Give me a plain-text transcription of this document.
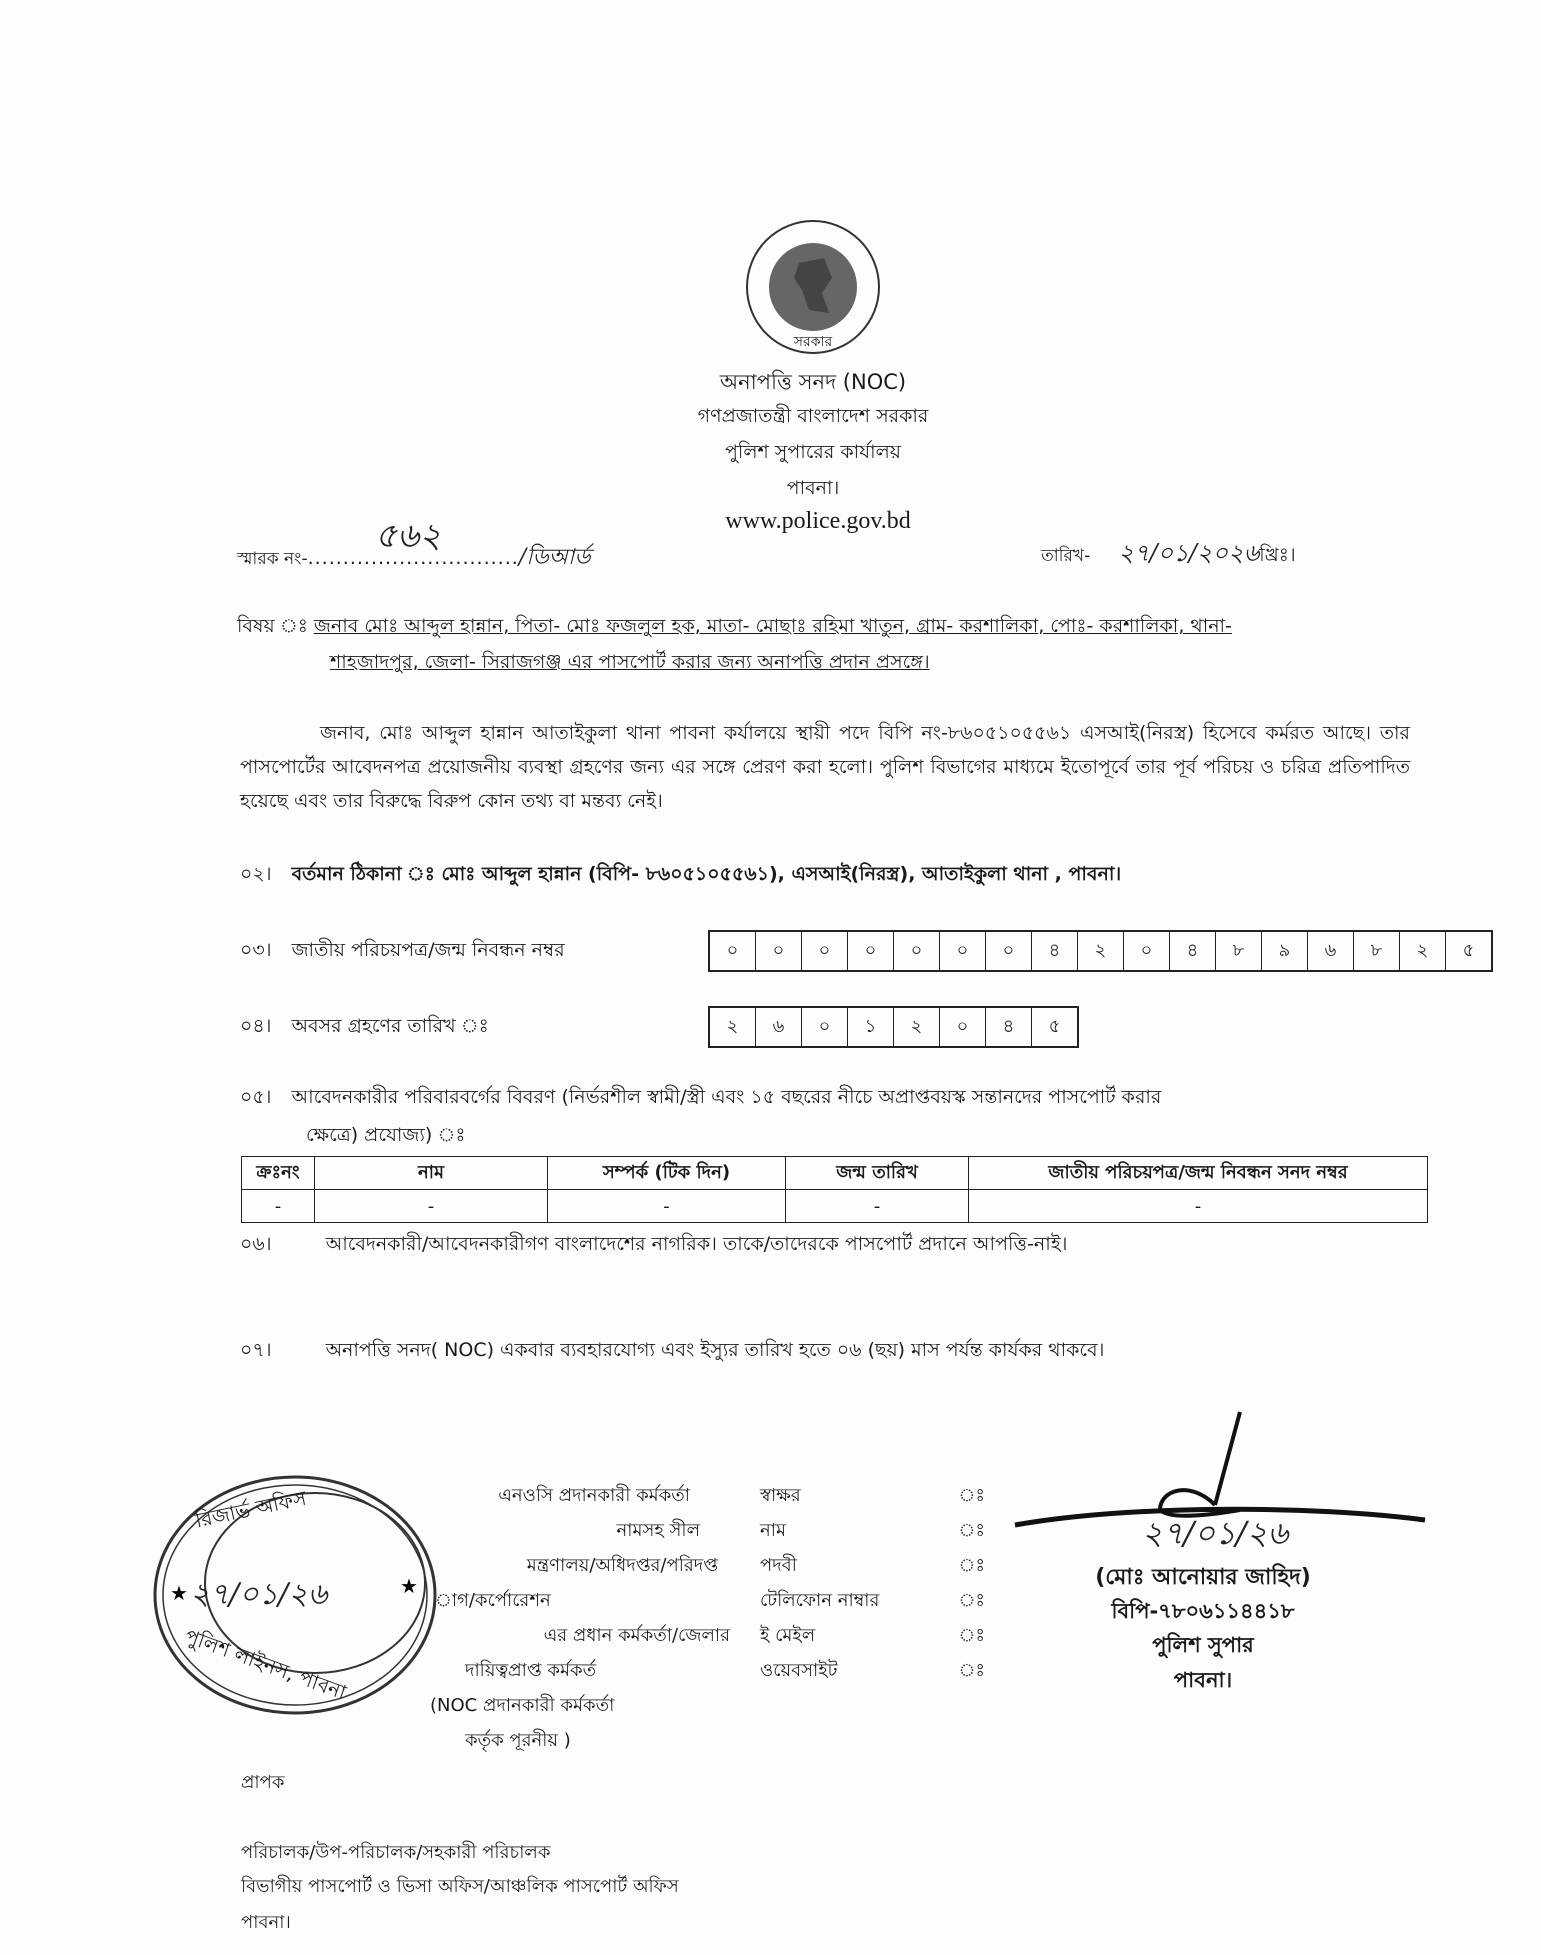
সরকার
অনাপত্তি সনদ (NOC)
গণপ্রজাতন্ত্রী বাংলাদেশ সরকার
পুলিশ সুপারের কার্যালয়
পাবনা।
www.police.gov.bd
স্মারক নং-............................../ডিআর্ড
৫৬২	তারিখ- ২৭/০১/২০২৬খ্রিঃ।
বিষয় ঃ জনাব মোঃ আব্দুল হান্নান, পিতা- মোঃ ফজলুল হক, মাতা- মোছাঃ রহিমা খাতুন, গ্রাম- করশালিকা, পোঃ- করশালিকা, থানা-
শাহজাদপুর, জেলা- সিরাজগঞ্জ এর পাসপোর্ট করার জন্য অনাপত্তি প্রদান প্রসঙ্গে।
জনাব, মোঃ আব্দুল হান্নান আতাইকুলা থানা পাবনা কর্যালয়ে স্থায়ী পদে বিপি নং-৮৬০৫১০৫৫৬১ এসআই(নিরস্ত্র) হিসেবে কর্মরত আছে। তার পাসপোর্টের আবেদনপত্র প্রয়োজনীয় ব্যবস্থা গ্রহণের জন্য এর সঙ্গে প্রেরণ করা হলো। পুলিশ বিভাগের মাধ্যমে ইতোপূর্বে তার পূর্ব পরিচয় ও চরিত্র প্রতিপাদিত হয়েছে এবং তার বিরুদ্ধে বিরুপ কোন তথ্য বা মন্তব্য নেই।
০২। বর্তমান ঠিকানা ঃ মোঃ আব্দুল হান্নান (বিপি- ৮৬০৫১০৫৫৬১), এসআই(নিরস্ত্র), আতাইকুলা থানা , পাবনা।
০৩। জাতীয় পরিচয়পত্র/জন্ম নিবন্ধন নম্বর	০	০	০	০	০	০	০	৪	২	০	৪	৮	৯	৬	৮	২	৫
০৪। অবসর গ্রহণের তারিখ ঃ	২	৬	০	১	২	০	৪	৫
০৫। আবেদনকারীর পরিবারবর্গের বিবরণ (নির্ভরশীল স্বামী/স্ত্রী এবং ১৫ বছরের নীচে অপ্রাপ্তবয়স্ক সন্তানদের পাসপোর্ট করার
ক্ষেত্রে) প্রযোজ্য) ঃ
ক্রঃনং	নাম	সম্পর্ক (টিক দিন)	জন্ম তারিখ	জাতীয় পরিচয়পত্র/জন্ম নিবন্ধন সনদ নম্বর
-	-	-	-	-
০৬।	আবেদনকারী/আবেদনকারীগণ বাংলাদেশের নাগরিক। তাকে/তাদেরকে পাসপোর্ট প্রদানে আপত্তি-নাই।
০৭।	অনাপত্তি সনদ( NOC) একবার ব্যবহারযোগ্য এবং ইস্যুর তারিখ হতে ০৬ (ছয়) মাস পর্যন্ত কার্যকর থাকবে।
★	★
রিজার্ভ অফিস
২৭/০১/২৬
পুলিশ লাইনস, পাবনা
এনওসি প্রদানকারী কর্মকর্তা
নামসহ সীল
মন্ত্রণালয়/অধিদপ্তর/পরিদপ্ত
াগ/কর্পোরেশন
এর প্রধান কর্মকর্তা/জেলার
দায়িত্বপ্রাপ্ত কর্মকর্ত
(NOC প্রদানকারী কর্মকর্তা
কর্তৃক পূরনীয় )
স্বাক্ষর	ঃ
নাম	ঃ
পদবী	ঃ
টেলিফোন নাম্বার	ঃ
ই মেইল	ঃ
ওয়েবসাইট	ঃ
২৭/০১/২৬
(মোঃ আনোয়ার জাহিদ)
বিপি-৭৮০৬১১৪৪১৮
পুলিশ সুপার
পাবনা।
প্রাপক
পরিচালক/উপ-পরিচালক/সহকারী পরিচালক
বিভাগীয় পাসপোর্ট ও ভিসা অফিস/আঞ্চলিক পাসপোর্ট অফিস
পাবনা।
